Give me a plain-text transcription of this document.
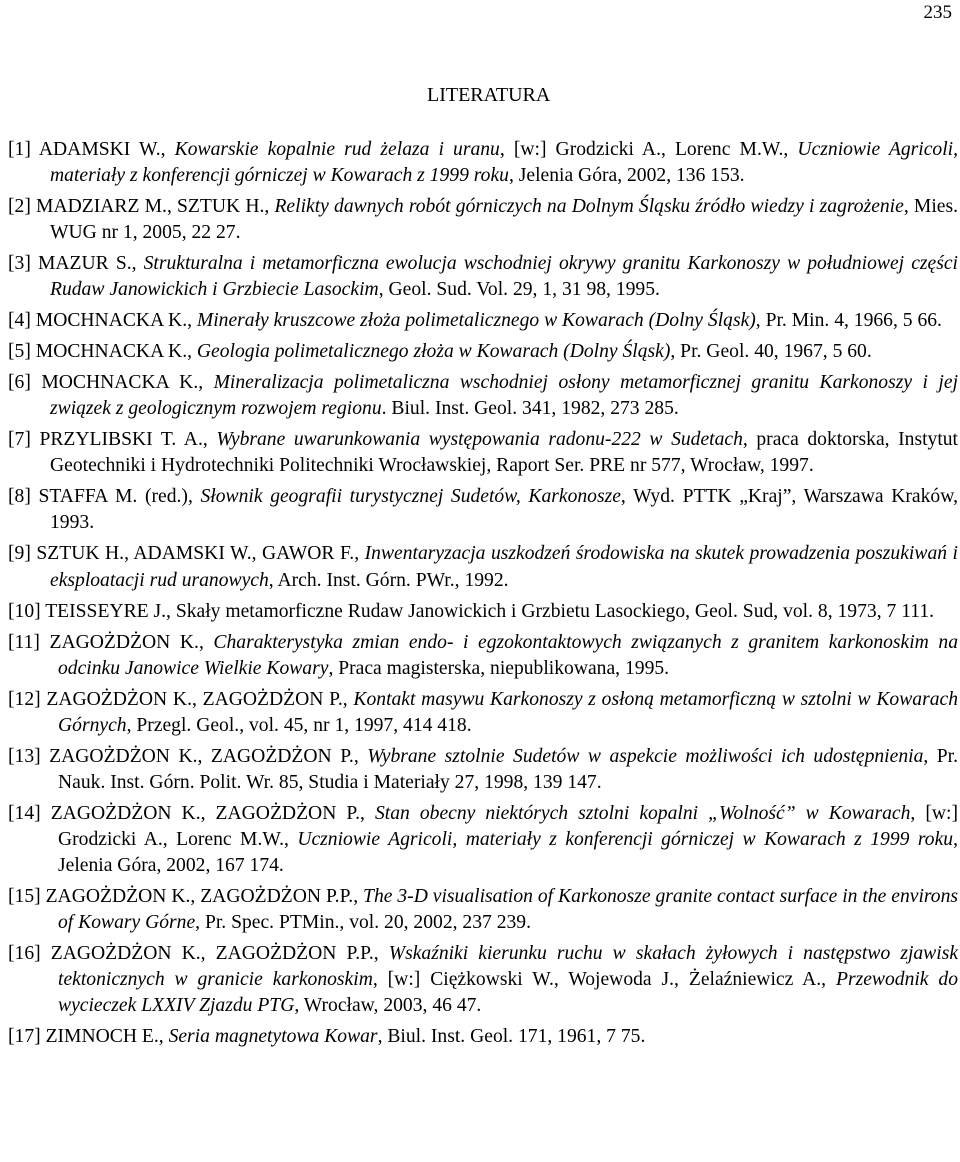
235
LITERATURA
[1] ADAMSKI W., Kowarskie kopalnie rud żelaza i uranu, [w:] Grodzicki A., Lorenc M.W., Uczniowie Agricoli, materiały z konferencji górniczej w Kowarach z 1999 roku, Jelenia Góra, 2002, 136 153.
[2] MADZIARZ M., SZTUK H., Relikty dawnych robót górniczych na Dolnym Śląsku źródło wiedzy i zagrożenie, Mies. WUG nr 1, 2005, 22 27.
[3] MAZUR S., Strukturalna i metamorficzna ewolucja wschodniej okrywy granitu Karkonoszy w południowej części Rudaw Janowickich i Grzbiecie Lasockim, Geol. Sud. Vol. 29, 1, 31 98, 1995.
[4] MOCHNACKA K., Minerały kruszcowe złoża polimetalicznego w Kowarach (Dolny Śląsk), Pr. Min. 4, 1966, 5 66.
[5] MOCHNACKA K., Geologia polimetalicznego złoża w Kowarach (Dolny Śląsk), Pr. Geol. 40, 1967, 5 60.
[6] MOCHNACKA K., Mineralizacja polimetaliczna wschodniej osłony metamorficznej granitu Karkonoszy i jej związek z geologicznym rozwojem regionu. Biul. Inst. Geol. 341, 1982, 273 285.
[7] PRZYLIBSKI T. A., Wybrane uwarunkowania występowania radonu-222 w Sudetach, praca doktorska, Instytut Geotechniki i Hydrotechniki Politechniki Wrocławskiej, Raport Ser. PRE nr 577, Wrocław, 1997.
[8] STAFFA M. (red.), Słownik geografii turystycznej Sudetów, Karkonosze, Wyd. PTTK „Kraj”, Warszawa Kraków, 1993.
[9] SZTUK H., ADAMSKI W., GAWOR F., Inwentaryzacja uszkodzeń środowiska na skutek prowadzenia poszukiwań i eksploatacji rud uranowych, Arch. Inst. Górn. PWr., 1992.
[10] TEISSEYRE J., Skały metamorficzne Rudaw Janowickich i Grzbietu Lasockiego, Geol. Sud, vol. 8, 1973, 7 111.
[11] ZAGOŻDŻON K., Charakterystyka zmian endo- i egzokontaktowych związanych z granitem karkonoskim na odcinku Janowice Wielkie Kowary, Praca magisterska, niepublikowana, 1995.
[12] ZAGOŻDŻON K., ZAGOŻDŻON P., Kontakt masywu Karkonoszy z osłoną metamorficzną w sztolni w Kowarach Górnych, Przegl. Geol., vol. 45, nr 1, 1997, 414 418.
[13] ZAGOŻDŻON K., ZAGOŻDŻON P., Wybrane sztolnie Sudetów w aspekcie możliwości ich udostępnienia, Pr. Nauk. Inst. Górn. Polit. Wr. 85, Studia i Materiały 27, 1998, 139 147.
[14] ZAGOŻDŻON K., ZAGOŻDŻON P., Stan obecny niektórych sztolni kopalni „Wolność” w Kowarach, [w:] Grodzicki A., Lorenc M.W., Uczniowie Agricoli, materiały z konferencji górniczej w Kowarach z 1999 roku, Jelenia Góra, 2002, 167 174.
[15] ZAGOŻDŻON K., ZAGOŻDŻON P.P., The 3-D visualisation of Karkonosze granite contact surface in the environs of Kowary Górne, Pr. Spec. PTMin., vol. 20, 2002, 237 239.
[16] ZAGOŻDŻON K., ZAGOŻDŻON P.P., Wskaźniki kierunku ruchu w skałach żyłowych i następstwo zjawisk tektonicznych w granicie karkonoskim, [w:] Ciężkowski W., Wojewoda J., Żelaźniewicz A., Przewodnik do wycieczek LXXIV Zjazdu PTG, Wrocław, 2003, 46 47.
[17] ZIMNOCH E., Seria magnetytowa Kowar, Biul. Inst. Geol. 171, 1961, 7 75.
